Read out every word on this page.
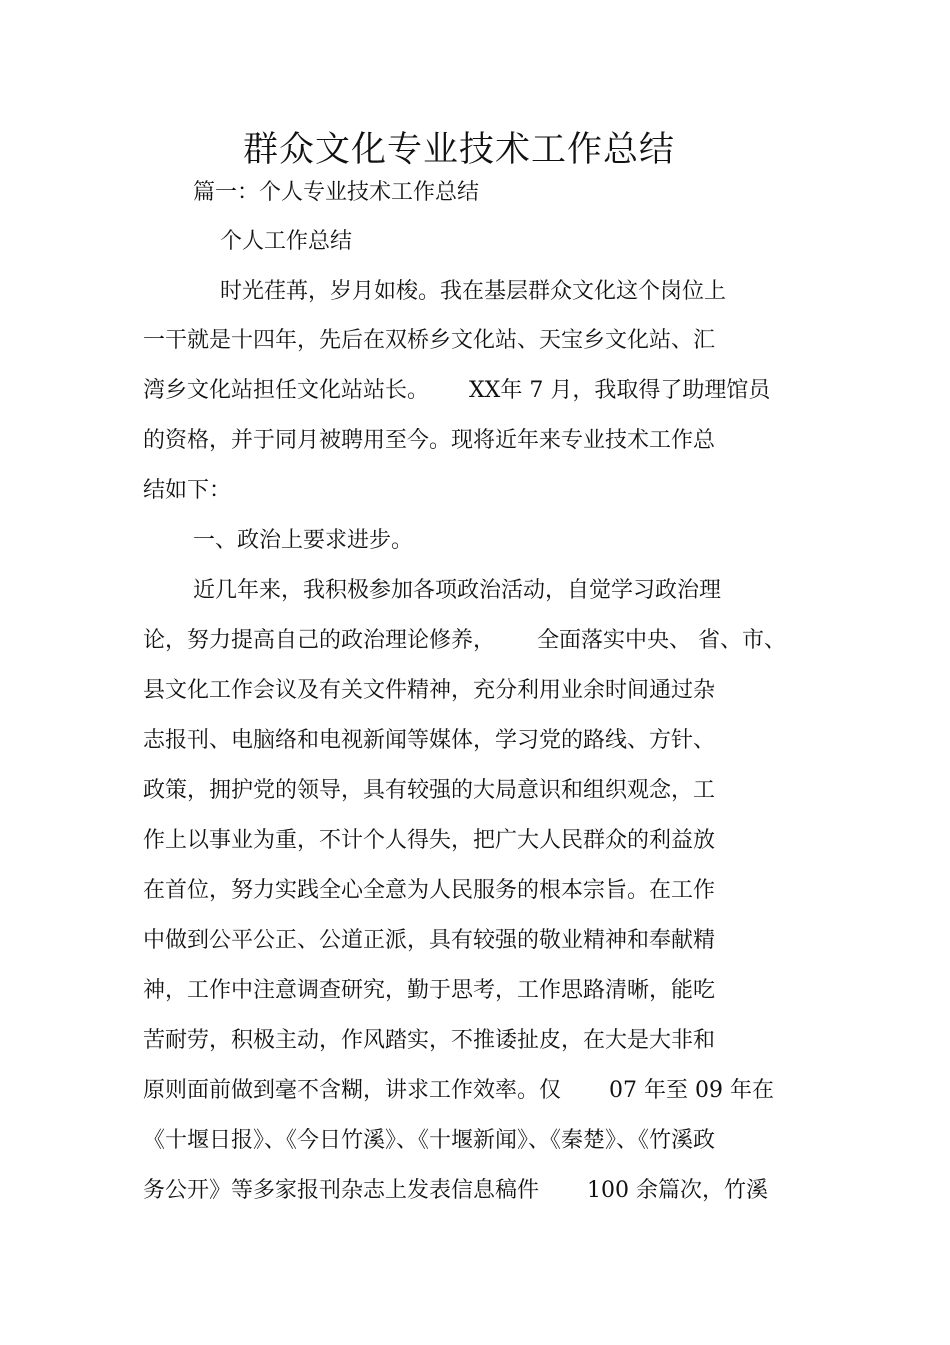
群众文化专业技术工作总结

篇一：个人专业技术工作总结

个人工作总结

时光荏苒，岁月如梭。我在基层群众文化这个岗位上

一干就是十四年，先后在双桥乡文化站、天宝乡文化站、汇

湾乡文化站担任文化站站长。 XX年 7 月，我取得了助理馆员

的资格，并于同月被聘用至今。现将近年来专业技术工作总

结如下：

一、政治上要求进步。

近几年来，我积极参加各项政治活动，自觉学习政治理

论，努力提高自己的政治理论修养， 全面落实中央、 省、市、

县文化工作会议及有关文件精神，充分利用业余时间通过杂

志报刊、电脑络和电视新闻等媒体，学习党的路线、方针、

政策，拥护党的领导，具有较强的大局意识和组织观念，工

作上以事业为重，不计个人得失，把广大人民群众的利益放

在首位，努力实践全心全意为人民服务的根本宗旨。在工作

中做到公平公正、公道正派，具有较强的敬业精神和奉献精

神，工作中注意调查研究，勤于思考，工作思路清晰，能吃

苦耐劳，积极主动，作风踏实，不推诿扯皮，在大是大非和

原则面前做到毫不含糊，讲求工作效率。仅 07 年至 09 年在

《十堰日报》、《今日竹溪》、《十堰新闻》、《秦楚》、《竹溪政

务公开》等多家报刊杂志上发表信息稿件 100 余篇次，竹溪
